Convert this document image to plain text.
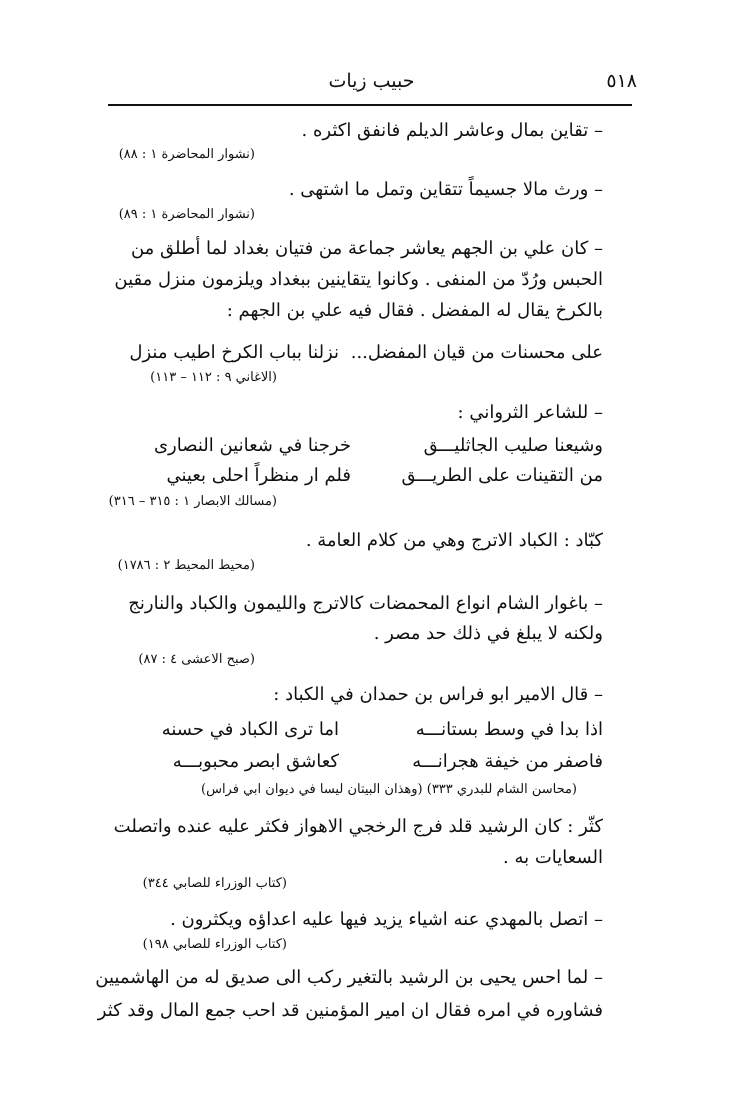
٥١٨
حبيب زيات
– تقاين بمال وعاشر الديلم فانفق اكثره .
(نشوار المحاضرة ١ : ٨٨)
– ورث مالا جسيماً تتقاين وتمل ما اشتهى .
(نشوار المحاضرة ١ : ٨٩)
– كان علي بن الجهم يعاشر جماعة من فتيان بغداد لما أطلق من
الحبس ورُدّ من المنفى . وكانوا يتقاينين ببغداد ويلزمون منزل مقين
بالكرخ يقال له المفضل . فقال فيه علي بن الجهم :
نزلنا بباب الكرخ اطيب منزل على محسنات من قيان المفضل...
(الاغاني ٩ : ١١٢ – ١١٣)
– للشاعر الثرواني :
خرجنا في شعانين النصارى	وشيعنا صليب الجاثليـــق
فلم ار منظراً احلى بعيني	من التقينات على الطريـــق
(مسالك الابصار ١ : ٣١٥ – ٣١٦)
كبّاد : الكباد الاترج وهي من كلام العامة .
(محيط المحيط ٢ : ١٧٨٦)
– باغوار الشام انواع المحمضات كالاترج والليمون والكباد والنارنج
ولكنه لا يبلغ في ذلك حد مصر .
(صبح الاعشى ٤ : ٨٧)
– قال الامير ابو فراس بن حمدان في الكباد :
اما ترى الكباد في حسنه	اذا بدا في وسط بستانـــه
كعاشق ابصر محبوبـــه	فاصفر من خيفة هجرانـــه
(محاسن الشام للبدري ٣٣٣) (وهذان البيتان ليسا في ديوان ابي فراس)
كثّر : كان الرشيد قلد فرج الرخجي الاهواز فكثر عليه عنده واتصلت
السعايات به .
(كتاب الوزراء للصابي ٣٤٤)
– اتصل بالمهدي عنه اشياء يزيد فيها عليه اعداؤه ويكثرون .
(كتاب الوزراء للصابي ١٩٨)
– لما احس يحيى بن الرشيد بالتغير ركب الى صديق له من الهاشميين
فشاوره في امره فقال ان امير المؤمنين قد احب جمع المال وقد كثر
